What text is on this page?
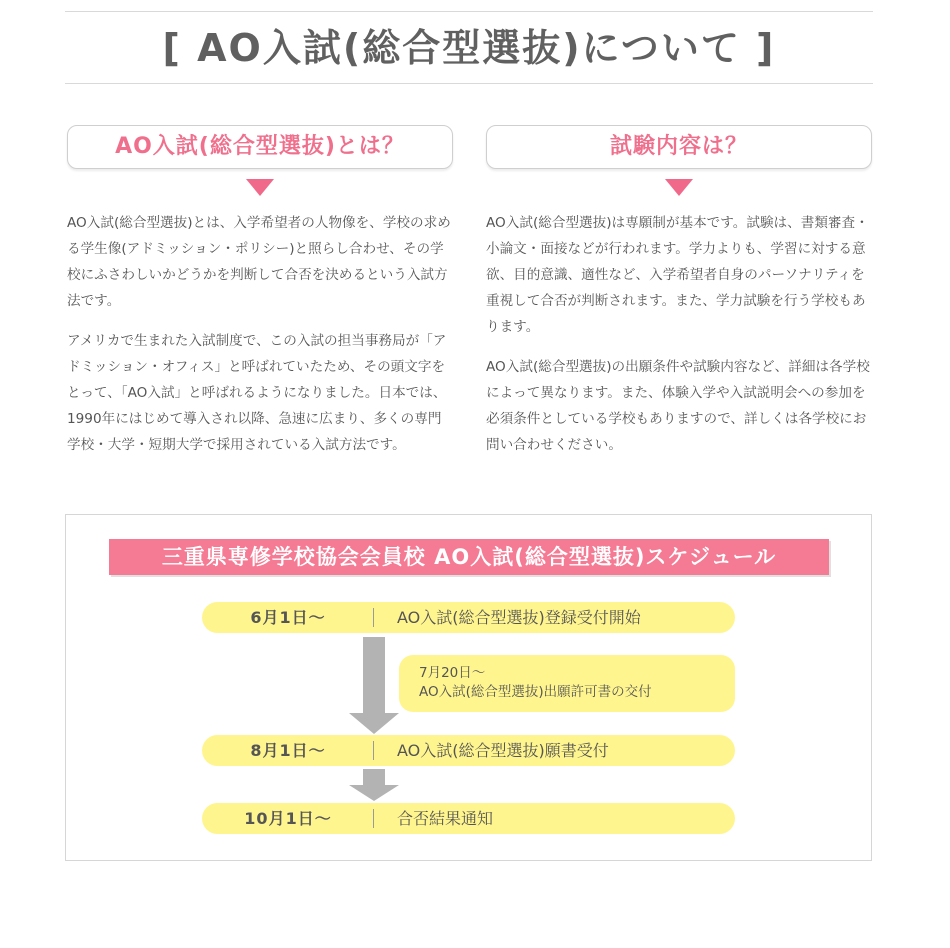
[ AO入試(総合型選抜)について ]
AO入試(総合型選抜)とは？

AO入試(総合型選抜)とは、入学希望者の人物像を、学校の求める学生像(アドミッション・ポリシー)と照らし合わせ、その学校にふさわしいかどうかを判断して合否を決めるという入試方法です。

アメリカで生まれた入試制度で、この入試の担当事務局が「アドミッション・オフィス」と呼ばれていたため、その頭文字をとって、「AO入試」と呼ばれるようになりました。日本では、1990年にはじめて導入され以降、急速に広まり、多くの専門学校・大学・短期大学で採用されている入試方法です。

試験内容は？

AO入試(総合型選抜)は専願制が基本です。試験は、書類審査・小論文・面接などが行われます。学力よりも、学習に対する意欲、目的意識、適性など、入学希望者自身のパーソナリティを重視して合否が判断されます。また、学力試験を行う学校もあります。

AO入試(総合型選抜)の出願条件や試験内容など、詳細は各学校によって異なります。また、体験入学や入試説明会への参加を必須条件としている学校もありますので、詳しくは各学校にお問い合わせください。

三重県専修学校協会会員校 AO入試(総合型選抜)スケジュール
6月1日～	AO入試(総合型選抜)登録受付開始
7月20日～
AO入試(総合型選抜)出願許可書の交付
8月1日～	AO入試(総合型選抜)願書受付
10月1日～	合否結果通知
